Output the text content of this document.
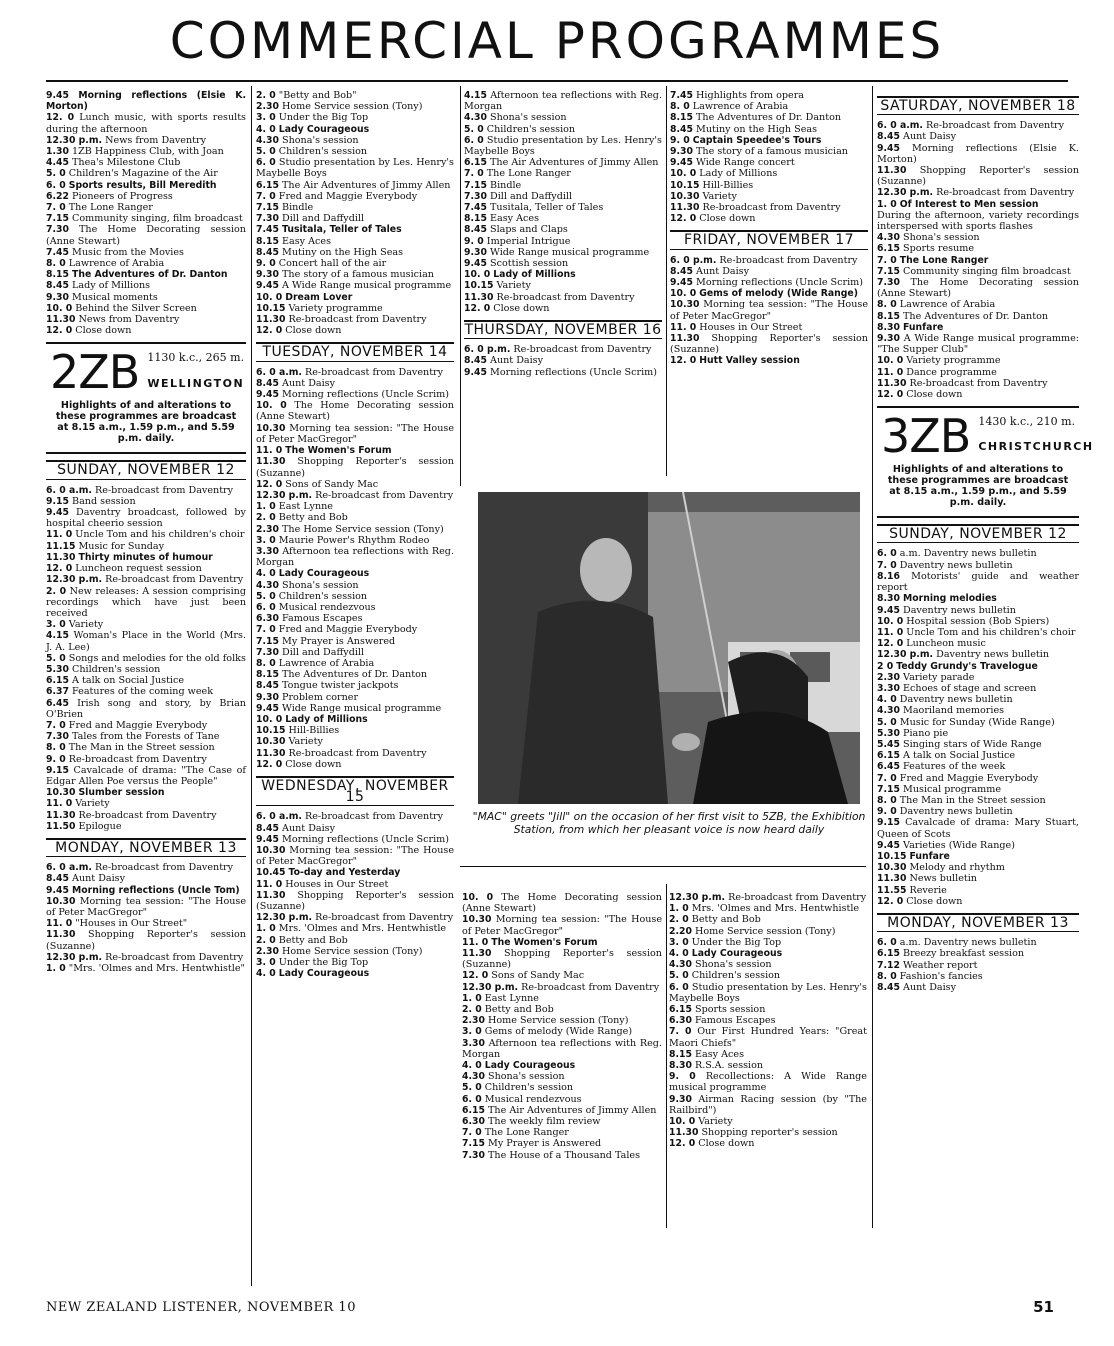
COMMERCIAL PROGRAMMES

9.45 Morning reflections (Elsie K. Morton)

12. 0 Lunch music, with sports results during the afternoon

12.30 p.m. News from Daventry

1.30 1ZB Happiness Club, with Joan

4.45 Thea's Milestone Club

5. 0 Children's Magazine of the Air

6. 0 Sports results, Bill Meredith

6.22 Pioneers of Progress

7. 0 The Lone Ranger

7.15 Community singing, film broadcast

7.30 The Home Decorating session (Anne Stewart)

7.45 Music from the Movies

8. 0 Lawrence of Arabia

8.15 The Adventures of Dr. Danton

8.45 Lady of Millions

9.30 Musical moments

10. 0 Behind the Silver Screen

11.30 News from Daventry

12. 0 Close down

2ZB 1130 k.c., 265 m.
WELLINGTON
Highlights of and alterations to these programmes are broadcast at 8.15 a.m., 1.59 p.m., and 5.59 p.m. daily.
SUNDAY, NOVEMBER 12

6. 0 a.m. Re-broadcast from Daventry

9.15 Band session

9.45 Daventry broadcast, followed by hospital cheerio session

11. 0 Uncle Tom and his children's choir

11.15 Music for Sunday

11.30 Thirty minutes of humour

12. 0 Luncheon request session

12.30 p.m. Re-broadcast from Daventry

2. 0 New releases: A session comprising recordings which have just been received

3. 0 Variety

4.15 Woman's Place in the World (Mrs. J. A. Lee)

5. 0 Songs and melodies for the old folks

5.30 Children's session

6.15 A talk on Social Justice

6.37 Features of the coming week

6.45 Irish song and story, by Brian O'Brien

7. 0 Fred and Maggie Everybody

7.30 Tales from the Forests of Tane

8. 0 The Man in the Street session

9. 0 Re-broadcast from Daventry

9.15 Cavalcade of drama: "The Case of Edgar Allen Poe versus the People"

10.30 Slumber session

11. 0 Variety

11.30 Re-broadcast from Daventry

11.50 Epilogue

MONDAY, NOVEMBER 13

6. 0 a.m. Re-broadcast from Daventry

8.45 Aunt Daisy

9.45 Morning reflections (Uncle Tom)

10.30 Morning tea session: "The House of Peter MacGregor"

11. 0 "Houses in Our Street"

11.30 Shopping Reporter's session (Suzanne)

12.30 p.m. Re-broadcast from Daventry

1. 0 "Mrs. 'Olmes and Mrs. Hentwhistle"

2. 0 "Betty and Bob"

2.30 Home Service session (Tony)

3. 0 Under the Big Top

4. 0 Lady Courageous

4.30 Shona's session

5. 0 Children's session

6. 0 Studio presentation by Les. Henry's Maybelle Boys

6.15 The Air Adventures of Jimmy Allen

7. 0 Fred and Maggie Everybody

7.15 Bindle

7.30 Dill and Daffydill

7.45 Tusitala, Teller of Tales

8.15 Easy Aces

8.45 Mutiny on the High Seas

9. 0 Concert hall of the air

9.30 The story of a famous musician

9.45 A Wide Range musical programme

10. 0 Dream Lover

10.15 Variety programme

11.30 Re-broadcast from Daventry

12. 0 Close down

TUESDAY, NOVEMBER 14

6. 0 a.m. Re-broadcast from Daventry

8.45 Aunt Daisy

9.45 Morning reflections (Uncle Scrim)

10. 0 The Home Decorating session (Anne Stewart)

10.30 Morning tea session: "The House of Peter MacGregor"

11. 0 The Women's Forum

11.30 Shopping Reporter's session (Suzanne)

12. 0 Sons of Sandy Mac

12.30 p.m. Re-broadcast from Daventry

1. 0 East Lynne

2. 0 Betty and Bob

2.30 The Home Service session (Tony)

3. 0 Maurie Power's Rhythm Rodeo

3.30 Afternoon tea reflections with Reg. Morgan

4. 0 Lady Courageous

4.30 Shona's session

5. 0 Children's session

6. 0 Musical rendezvous

6.30 Famous Escapes

7. 0 Fred and Maggie Everybody

7.15 My Prayer is Answered

7.30 Dill and Daffydill

8. 0 Lawrence of Arabia

8.15 The Adventures of Dr. Danton

8.45 Tongue twister jackpots

9.30 Problem corner

9.45 Wide Range musical programme

10. 0 Lady of Millions

10.15 Hill-Billies

10.30 Variety

11.30 Re-broadcast from Daventry

12. 0 Close down

WEDNESDAY, NOVEMBER 15

6. 0 a.m. Re-broadcast from Daventry

8.45 Aunt Daisy

9.45 Morning reflections (Uncle Scrim)

10.30 Morning tea session: "The House of Peter MacGregor"

10.45 To-day and Yesterday

11. 0 Houses in Our Street

11.30 Shopping Reporter's session (Suzanne)

12.30 p.m. Re-broadcast from Daventry

1. 0 Mrs. 'Olmes and Mrs. Hentwhistle

2. 0 Betty and Bob

2.30 Home Service session (Tony)

3. 0 Under the Big Top

4. 0 Lady Courageous

4.15 Afternoon tea reflections with Reg. Morgan

4.30 Shona's session

5. 0 Children's session

6. 0 Studio presentation by Les. Henry's Maybelle Boys

6.15 The Air Adventures of Jimmy Allen

7. 0 The Lone Ranger

7.15 Bindle

7.30 Dill and Daffydill

7.45 Tusitala, Teller of Tales

8.15 Easy Aces

8.45 Slaps and Claps

9. 0 Imperial Intrigue

9.30 Wide Range musical programme

9.45 Scottish session

10. 0 Lady of Millions

10.15 Variety

11.30 Re-broadcast from Daventry

12. 0 Close down

THURSDAY, NOVEMBER 16

6. 0 p.m. Re-broadcast from Daventry

8.45 Aunt Daisy

9.45 Morning reflections (Uncle Scrim)

7.45 Highlights from opera

8. 0 Lawrence of Arabia

8.15 The Adventures of Dr. Danton

8.45 Mutiny on the High Seas

9. 0 Captain Speedee's Tours

9.30 The story of a famous musician

9.45 Wide Range concert

10. 0 Lady of Millions

10.15 Hill-Billies

10.30 Variety

11.30 Re-broadcast from Daventry

12. 0 Close down

FRIDAY, NOVEMBER 17

6. 0 p.m. Re-broadcast from Daventry

8.45 Aunt Daisy

9.45 Morning reflections (Uncle Scrim)

10. 0 Gems of melody (Wide Range)

10.30 Morning tea session: "The House of Peter MacGregor"

11. 0 Houses in Our Street

11.30 Shopping Reporter's session (Suzanne)

12. 0 Hutt Valley session

10. 0 The Home Decorating session (Anne Stewart)

10.30 Morning tea session: "The House of Peter MacGregor"

11. 0 The Women's Forum

11.30 Shopping Reporter's session (Suzanne)

12. 0 Sons of Sandy Mac

12.30 p.m. Re-broadcast from Daventry

1. 0 East Lynne

2. 0 Betty and Bob

2.30 Home Service session (Tony)

3. 0 Gems of melody (Wide Range)

3.30 Afternoon tea reflections with Reg. Morgan

4. 0 Lady Courageous

4.30 Shona's session

5. 0 Children's session

6. 0 Musical rendezvous

6.15 The Air Adventures of Jimmy Allen

6.30 The weekly film review

7. 0 The Lone Ranger

7.15 My Prayer is Answered

7.30 The House of a Thousand Tales

12.30 p.m. Re-broadcast from Daventry

1. 0 Mrs. 'Olmes and Mrs. Hentwhistle

2. 0 Betty and Bob

2.20 Home Service session (Tony)

3. 0 Under the Big Top

4. 0 Lady Courageous

4.30 Shona's session

5. 0 Children's session

6. 0 Studio presentation by Les. Henry's Maybelle Boys

6.15 Sports session

6.30 Famous Escapes

7. 0 Our First Hundred Years: "Great Maori Chiefs"

8.15 Easy Aces

8.30 R.S.A. session

9. 0 Recollections: A Wide Range musical programme

9.30 Airman Racing session (by "The Railbird")

10. 0 Variety

11.30 Shopping reporter's session

12. 0 Close down

SATURDAY, NOVEMBER 18

6. 0 a.m. Re-broadcast from Daventry

8.45 Aunt Daisy

9.45 Morning reflections (Elsie K. Morton)

11.30 Shopping Reporter's session (Suzanne)

12.30 p.m. Re-broadcast from Daventry

1. 0 Of Interest to Men session

During the afternoon, variety recordings interspersed with sports flashes

4.30 Shona's session

6.15 Sports resume

7. 0 The Lone Ranger

7.15 Community singing film broadcast

7.30 The Home Decorating session (Anne Stewart)

8. 0 Lawrence of Arabia

8.15 The Adventures of Dr. Danton

8.30 Funfare

9.30 A Wide Range musical programme: "The Supper Club"

10. 0 Variety programme

11. 0 Dance programme

11.30 Re-broadcast from Daventry

12. 0 Close down

3ZB 1430 k.c., 210 m.
CHRISTCHURCH
Highlights of and alterations to these programmes are broadcast at 8.15 a.m., 1.59 p.m., and 5.59 p.m. daily.
SUNDAY, NOVEMBER 12

6. 0 a.m. Daventry news bulletin

7. 0 Daventry news bulletin

8.16 Motorists' guide and weather report

8.30 Morning melodies

9.45 Daventry news bulletin

10. 0 Hospital session (Bob Spiers)

11. 0 Uncle Tom and his children's choir

12. 0 Luncheon music

12.30 p.m. Daventry news bulletin

2 0 Teddy Grundy's Travelogue

2.30 Variety parade

3.30 Echoes of stage and screen

4. 0 Daventry news bulletin

4.30 Maoriland memories

5. 0 Music for Sunday (Wide Range)

5.30 Piano pie

5.45 Singing stars of Wide Range

6.15 A talk on Social Justice

6.45 Features of the week

7. 0 Fred and Maggie Everybody

7.15 Musical programme

8. 0 The Man in the Street session

9. 0 Daventry news bulletin

9.15 Cavalcade of drama: Mary Stuart, Queen of Scots

9.45 Varieties (Wide Range)

10.15 Funfare

10.30 Melody and rhythm

11.30 News bulletin

11.55 Reverie

12. 0 Close down

MONDAY, NOVEMBER 13

6. 0 a.m. Daventry news bulletin

6.15 Breezy breakfast session

7.12 Weather report

8. 0 Fashion's fancies

8.45 Aunt Daisy

"MAC" greets "Jill" on the occasion of her first visit to 5ZB, the Exhibition Station, from which her pleasant voice is now heard daily
NEW ZEALAND LISTENER, NOVEMBER 10	51
